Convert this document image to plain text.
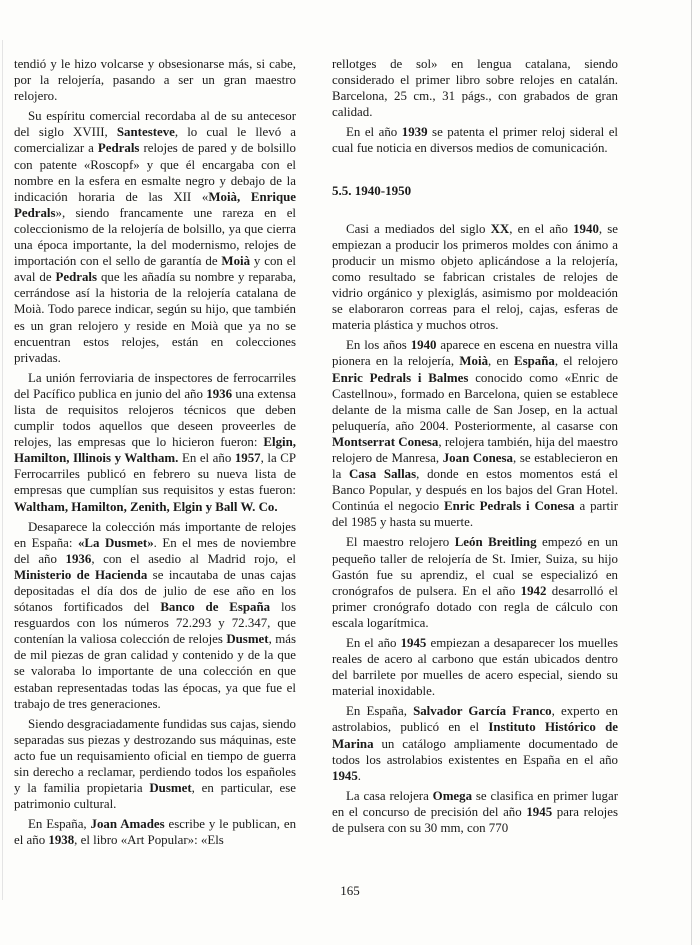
tendió y le hizo volcarse y obsesionarse más, si cabe, por la relojería, pasando a ser un gran maestro relojero.

Su espíritu comercial recordaba al de su antecesor del siglo XVIII, Santesteve, lo cual le llevó a comercializar a Pedrals relojes de pared y de bolsillo con patente «Roscopf» y que él encargaba con el nombre en la esfera en esmalte negro y debajo de la indicación horaria de las XII «Moià, Enrique Pedrals», siendo francamente une rareza en el coleccionismo de la relojería de bolsillo, ya que cierra una época importante, la del modernismo, relojes de importación con el sello de garantía de Moià y con el aval de Pedrals que les añadía su nombre y reparaba, cerrándose así la historia de la relojería catalana de Moià. Todo parece indicar, según su hijo, que también es un gran relojero y reside en Moià que ya no se encuentran estos relojes, están en colecciones privadas.

La unión ferroviaria de inspectores de ferrocarriles del Pacífico publica en junio del año 1936 una extensa lista de requisitos relojeros técnicos que deben cumplir todos aquellos que deseen proveerles de relojes, las empresas que lo hicieron fueron: Elgin, Hamilton, Illinois y Waltham. En el año 1957, la CP Ferrocarriles publicó en febrero su nueva lista de empresas que cumplían sus requisitos y estas fueron: Waltham, Hamilton, Zenith, Elgin y Ball W. Co.

Desaparece la colección más importante de relojes en España: «La Dusmet». En el mes de noviembre del año 1936, con el asedio al Madrid rojo, el Ministerio de Hacienda se incautaba de unas cajas depositadas el día dos de julio de ese año en los sótanos fortificados del Banco de España los resguardos con los números 72.293 y 72.347, que contenían la valiosa colección de relojes Dusmet, más de mil piezas de gran calidad y contenido y de la que se valoraba lo importante de una colección en que estaban representadas todas las épocas, ya que fue el trabajo de tres generaciones.

Siendo desgraciadamente fundidas sus cajas, siendo separadas sus piezas y destrozando sus máquinas, este acto fue un requisamiento oficial en tiempo de guerra sin derecho a reclamar, perdiendo todos los españoles y la familia propietaria Dusmet, en particular, ese patrimonio cultural.

En España, Joan Amades escribe y le publican, en el año 1938, el libro «Art Popular»: «Els

rellotges de sol» en lengua catalana, siendo considerado el primer libro sobre relojes en catalán. Barcelona, 25 cm., 31 págs., con grabados de gran calidad.

En el año 1939 se patenta el primer reloj sideral el cual fue noticia en diversos medios de comunicación.

5.5. 1940-1950

Casi a mediados del siglo XX, en el año 1940, se empiezan a producir los primeros moldes con ánimo a producir un mismo objeto aplicándose a la relojería, como resultado se fabrican cristales de relojes de vidrio orgánico y plexiglás, asimismo por moldeación se elaboraron correas para el reloj, cajas, esferas de materia plástica y muchos otros.

En los años 1940 aparece en escena en nuestra villa pionera en la relojería, Moià, en España, el relojero Enric Pedrals i Balmes conocido como «Enric de Castellnou», formado en Barcelona, quien se establece delante de la misma calle de San Josep, en la actual peluquería, año 2004. Posteriormente, al casarse con Montserrat Conesa, relojera también, hija del maestro relojero de Manresa, Joan Conesa, se establecieron en la Casa Sallas, donde en estos momentos está el Banco Popular, y después en los bajos del Gran Hotel. Continúa el negocio Enric Pedrals i Conesa a partir del 1985 y hasta su muerte.

El maestro relojero León Breitling empezó en un pequeño taller de relojería de St. Imier, Suiza, su hijo Gastón fue su aprendiz, el cual se especializó en cronógrafos de pulsera. En el año 1942 desarrolló el primer cronógrafo dotado con regla de cálculo con escala logarítmica.

En el año 1945 empiezan a desaparecer los muelles reales de acero al carbono que están ubicados dentro del barrilete por muelles de acero especial, siendo su material inoxidable.

En España, Salvador García Franco, experto en astrolabios, publicó en el Instituto Histórico de Marina un catálogo ampliamente documentado de todos los astrolabios existentes en España en el año 1945.

La casa relojera Omega se clasifica en primer lugar en el concurso de precisión del año 1945 para relojes de pulsera con su 30 mm, con 770

165
